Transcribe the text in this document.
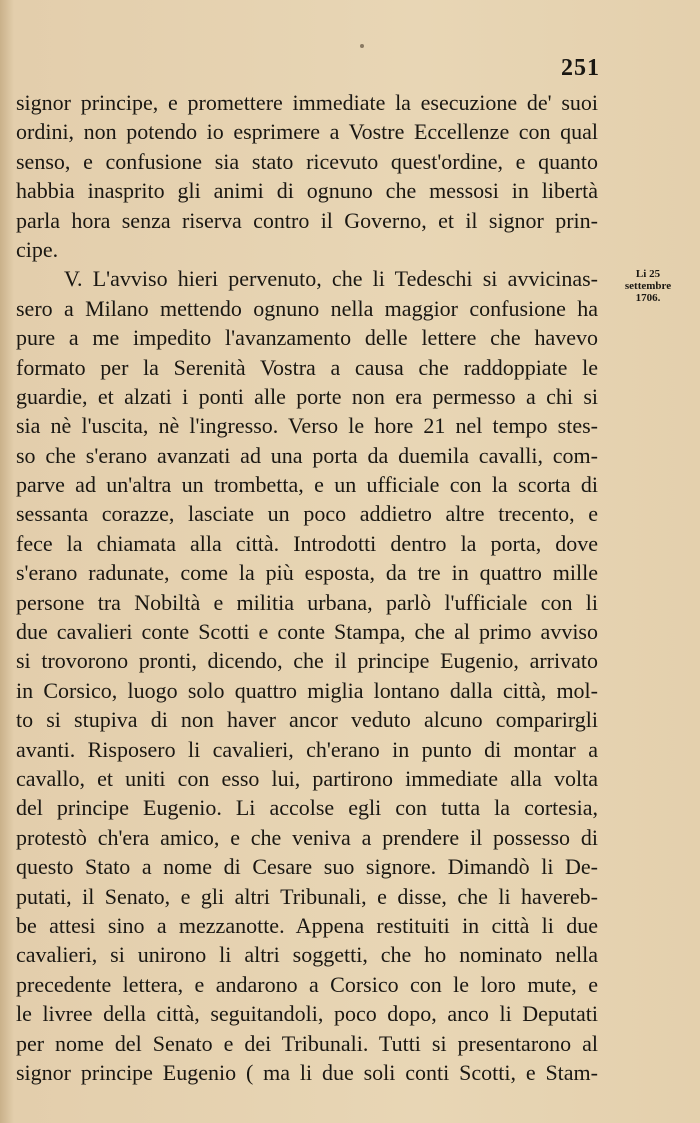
251
Li 25
settembre
1706.
signor principe, e promettere immediate la esecuzione de' suoi
ordini, non potendo io esprimere a Vostre Eccellenze con qual
senso, e confusione sia stato ricevuto quest'ordine, e quanto
habbia inasprito gli animi di ognuno che messosi in libertà
parla hora senza riserva contro il Governo, et il signor prin-
cipe.
V. L'avviso hieri pervenuto, che li Tedeschi si avvicinas-
sero a Milano mettendo ognuno nella maggior confusione ha
pure a me impedito l'avanzamento delle lettere che havevo
formato per la Serenità Vostra a causa che raddoppiate le
guardie, et alzati i ponti alle porte non era permesso a chi si
sia nè l'uscita, nè l'ingresso. Verso le hore 21 nel tempo stes-
so che s'erano avanzati ad una porta da duemila cavalli, com-
parve ad un'altra un trombetta, e un ufficiale con la scorta di
sessanta corazze, lasciate un poco addietro altre trecento, e
fece la chiamata alla città. Introdotti dentro la porta, dove
s'erano radunate, come la più esposta, da tre in quattro mille
persone tra Nobiltà e militia urbana, parlò l'ufficiale con li
due cavalieri conte Scotti e conte Stampa, che al primo avviso
si trovorono pronti, dicendo, che il principe Eugenio, arrivato
in Corsico, luogo solo quattro miglia lontano dalla città, mol-
to si stupiva di non haver ancor veduto alcuno comparirgli
avanti. Risposero li cavalieri, ch'erano in punto di montar a
cavallo, et uniti con esso lui, partirono immediate alla volta
del principe Eugenio. Li accolse egli con tutta la cortesia,
protestò ch'era amico, e che veniva a prendere il possesso di
questo Stato a nome di Cesare suo signore. Dimandò li De-
putati, il Senato, e gli altri Tribunali, e disse, che li havereb-
be attesi sino a mezzanotte. Appena restituiti in città li due
cavalieri, si unirono li altri soggetti, che ho nominato nella
precedente lettera, e andarono a Corsico con le loro mute, e
le livree della città, seguitandoli, poco dopo, anco li Deputati
per nome del Senato e dei Tribunali. Tutti si presentarono al
signor principe Eugenio ( ma li due soli conti Scotti, e Stam-
